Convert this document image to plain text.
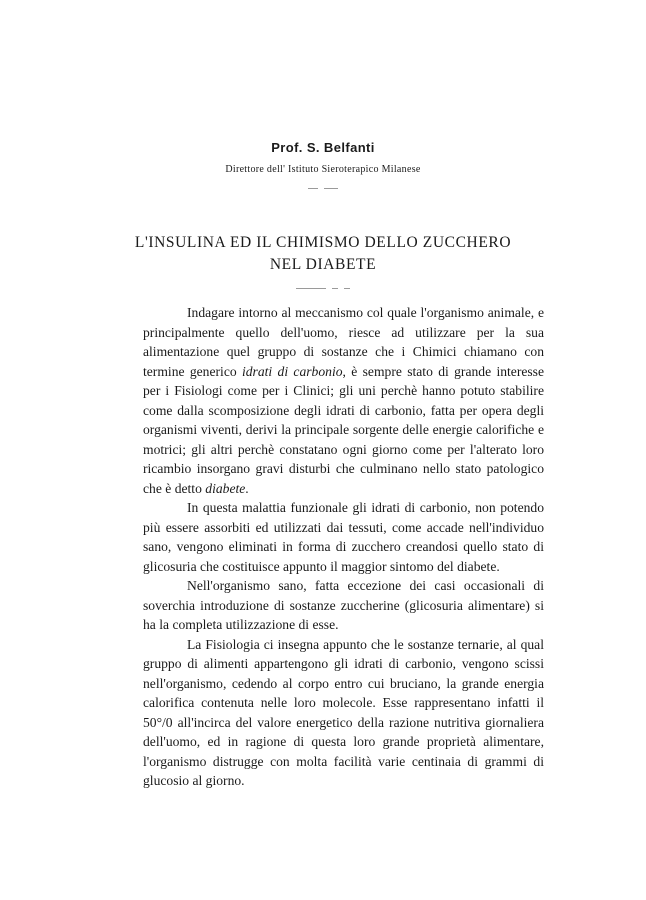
Prof. S. Belfanti
Direttore dell' Istituto Sieroterapico Milanese
L'INSULINA ED IL CHIMISMO DELLO ZUCCHERO
NEL DIABETE

Indagare intorno al meccanismo col quale l'organismo animale, e principalmente quello dell'uomo, riesce ad utilizzare per la sua alimentazione quel gruppo di sostanze che i Chimici chiamano con termine generico idrati di carbonio, è sempre stato di grande interesse per i Fisiologi come per i Clinici; gli uni perchè hanno potuto stabilire come dalla scomposizione degli idrati di carbonio, fatta per opera degli organismi viventi, derivi la principale sorgente delle energie calorifiche e motrici; gli altri perchè constatano ogni giorno come per l'alterato loro ricambio insorgano gravi disturbi che culminano nello stato patologico che è detto diabete.

In questa malattia funzionale gli idrati di carbonio, non potendo più essere assorbiti ed utilizzati dai tessuti, come accade nell'individuo sano, vengono eliminati in forma di zucchero creandosi quello stato di glicosuria che costituisce appunto il maggior sintomo del diabete.

Nell'organismo sano, fatta eccezione dei casi occasionali di soverchia introduzione di sostanze zuccherine (glicosuria alimentare) si ha la completa utilizzazione di esse.

La Fisiologia ci insegna appunto che le sostanze ternarie, al qual gruppo di alimenti appartengono gli idrati di carbonio, vengono scissi nell'organismo, cedendo al corpo entro cui bruciano, la grande energia calorifica contenuta nelle loro molecole. Esse rappresentano infatti il 50°/0 all'incirca del valore energetico della razione nutritiva giornaliera dell'uomo, ed in ragione di questa loro grande proprietà alimentare, l'organismo distrugge con molta facilità varie centinaia di grammi di glucosio al giorno.
